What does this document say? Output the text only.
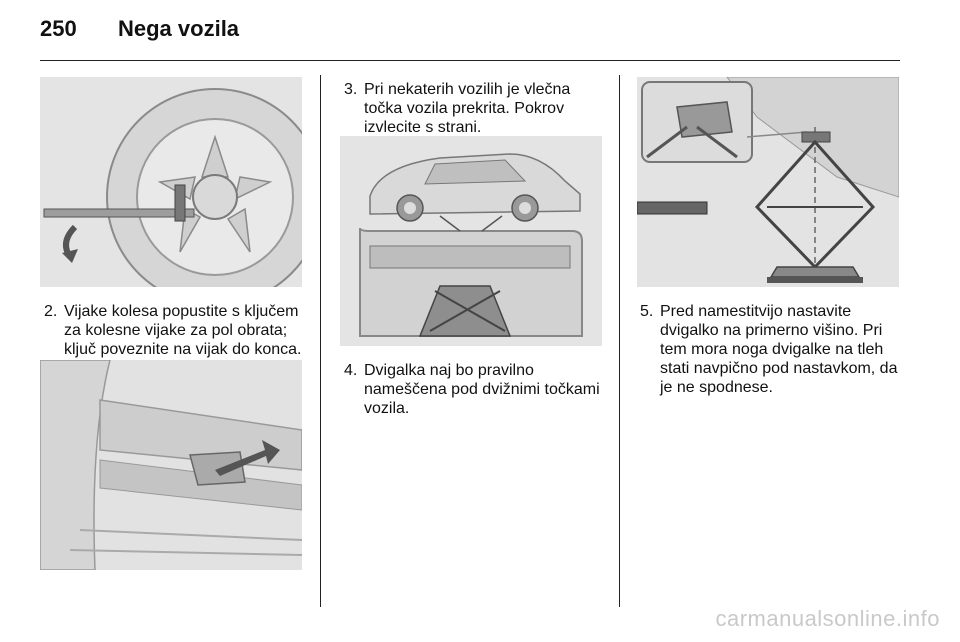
250	Nega vozila
2. Vijake kolesa popustite s ključem za kolesne vijake za pol obrata; ključ poveznite na vijak do konca.
3. Pri nekaterih vozilih je vlečna točka vozila prekrita. Pokrov izvlecite s strani.
4. Dvigalka naj bo pravilno nameščena pod dvižnimi točkami vozila.
5. Pred namestitvijo nastavite dvigalko na primerno višino. Pri tem mora noga dvigalke na tleh stati navpično pod nastavkom, da je ne spodnese.
carmanualsonline.info
